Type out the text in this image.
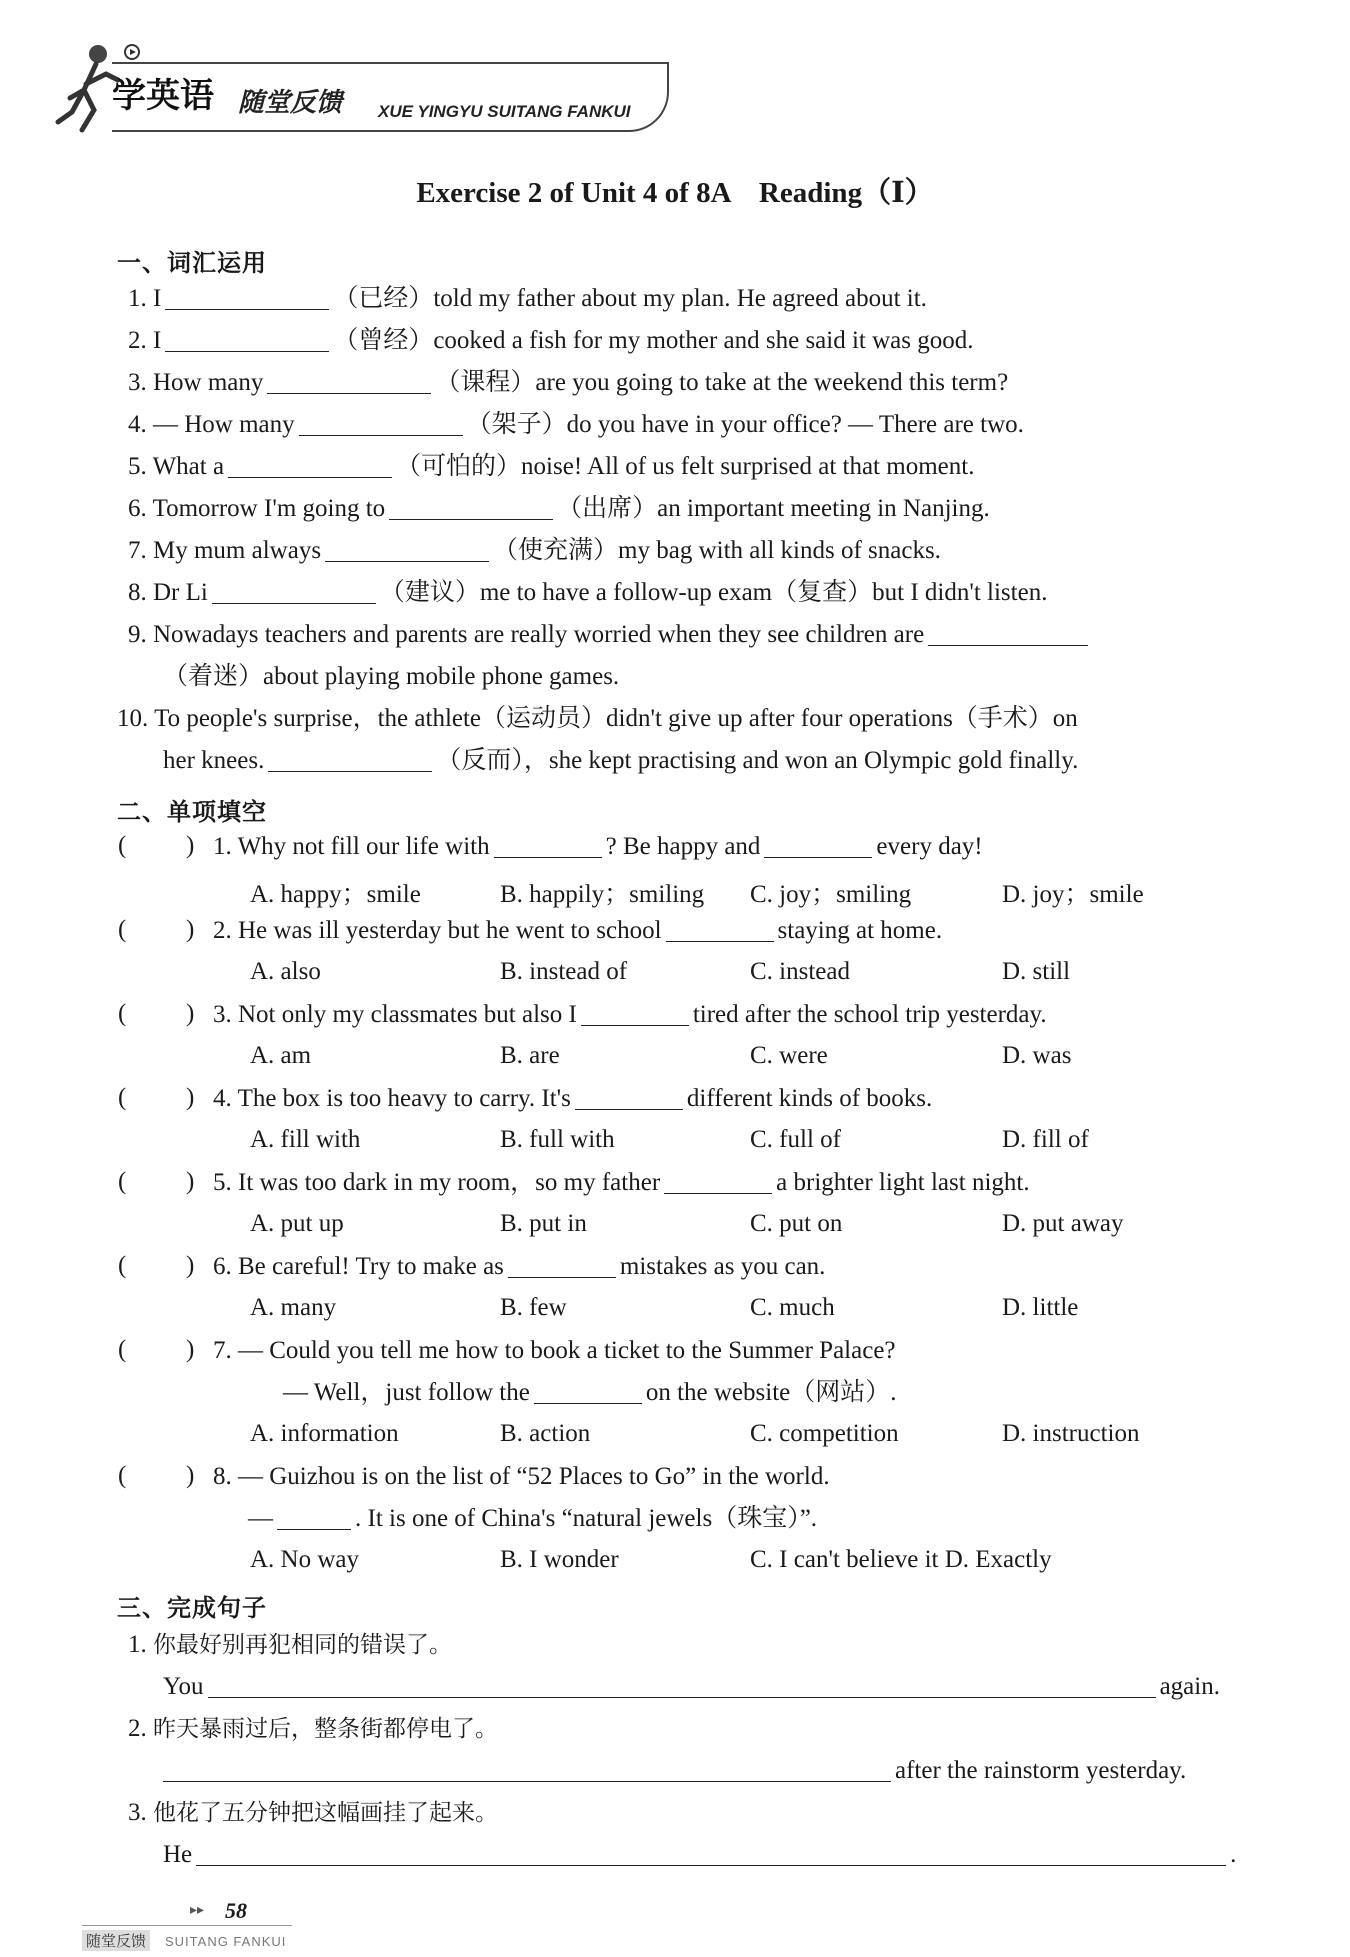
学英语 随堂反馈 XUE YINGYU SUITANG FANKUI
Exercise 2 of Unit 4 of 8A　Reading（Ⅰ）
一、词汇运用
1. I	（已经）told my father about my plan. He agreed about it.
2. I	（曾经）cooked a fish for my mother and she said it was good.
3. How many	（课程）are you going to take at the weekend this term?
4. — How many	（架子）do you have in your office? — There are two.
5. What a	（可怕的）noise! All of us felt surprised at that moment.
6. Tomorrow I'm going to	（出席）an important meeting in Nanjing.
7. My mum always	（使充满）my bag with all kinds of snacks.
8. Dr Li	（建议）me to have a follow-up exam（复查）but I didn't listen.
9. Nowadays teachers and parents are really worried when they see children are
（着迷）about playing mobile phone games.
10. To people's surprise，the athlete（运动员）didn't give up after four operations（手术）on
her knees.	（反而），she kept practising and won an Olympic gold finally.
二、单项填空
( ) 1. Why not fill our life with	? Be happy and	every day!
A. happy；smile	B. happily；smiling C. joy；smiling	D. joy；smile
( ) 2. He was ill yesterday but he went to school	staying at home.
A. also	B. instead of	C. instead	D. still
( ) 3. Not only my classmates but also I	tired after the school trip yesterday.
A. am	B. are	C. were	D. was
( ) 4. The box is too heavy to carry. It's	different kinds of books.
A. fill with	B. full with	C. full of	D. fill of
( ) 5. It was too dark in my room，so my father	a brighter light last night.
A. put up	B. put in	C. put on	D. put away
( ) 6. Be careful! Try to make as	mistakes as you can.
A. many	B. few	C. much	D. little
( ) 7. — Could you tell me how to book a ticket to the Summer Palace?
— Well，just follow the	on the website（网站）.
A. information	B. action	C. competition	D. instruction
( ) 8. — Guizhou is on the list of “52 Places to Go” in the world.
—	. It is one of China's “natural jewels（珠宝）”.
A. No way	B. I wonder	C. I can't believe it D. Exactly
三、完成句子
1. 你最好别再犯相同的错误了。
You	again.
2. 昨天暴雨过后，整条街都停电了。
after the rainstorm yesterday.
3. 他花了五分钟把这幅画挂了起来。
He	.
▸▸ 58
随堂反馈	SUITANG FANKUI
